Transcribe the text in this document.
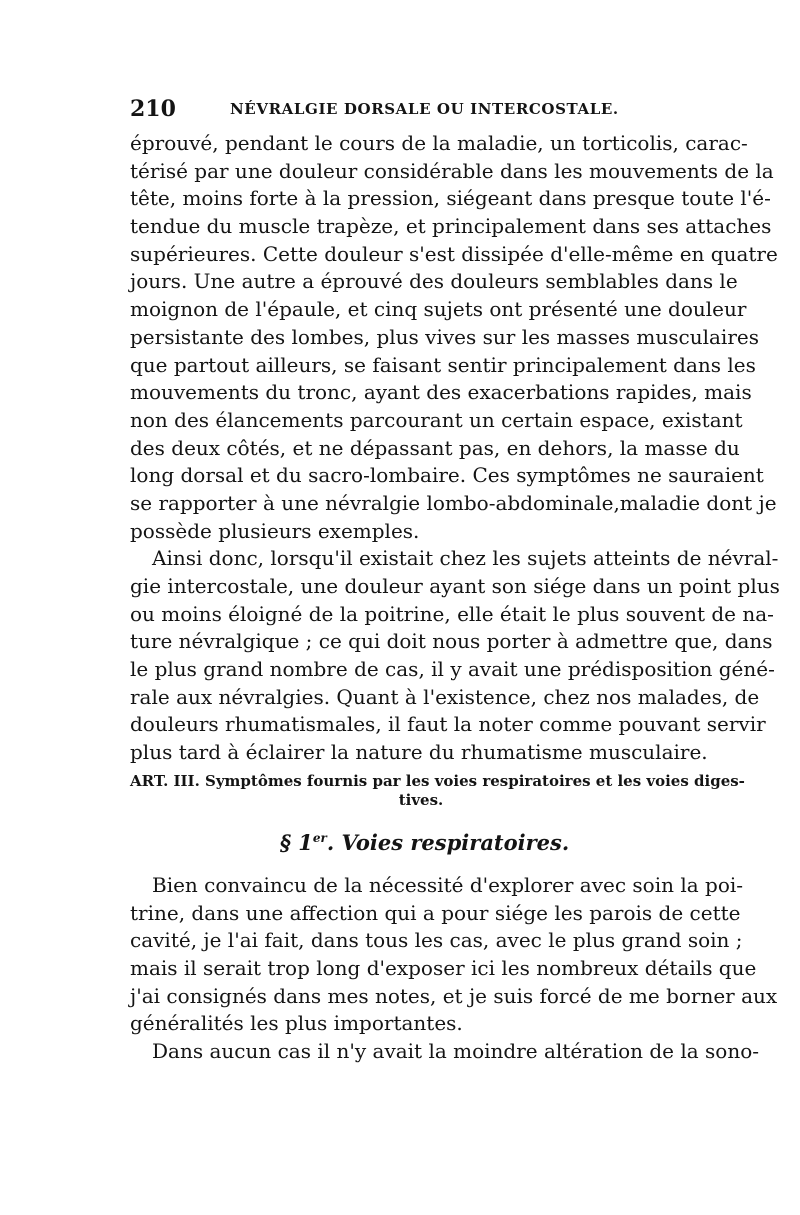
210	NÉVRALGIE DORSALE OU INTERCOSTALE.
éprouvé, pendant le cours de la maladie, un torticolis, carac-
térisé par une douleur considérable dans les mouvements de la
tête, moins forte à la pression, siégeant dans presque toute l'é-
tendue du muscle trapèze, et principalement dans ses attaches
supérieures. Cette douleur s'est dissipée d'elle-même en quatre
jours. Une autre a éprouvé des douleurs semblables dans le
moignon de l'épaule, et cinq sujets ont présenté une douleur
persistante des lombes, plus vives sur les masses musculaires
que partout ailleurs, se faisant sentir principalement dans les
mouvements du tronc, ayant des exacerbations rapides, mais
non des élancements parcourant un certain espace, existant
des deux côtés, et ne dépassant pas, en dehors, la masse du
long dorsal et du sacro-lombaire. Ces symptômes ne sauraient
se rapporter à une névralgie lombo-abdominale,maladie dont je
possède plusieurs exemples.
Ainsi donc, lorsqu'il existait chez les sujets atteints de névral-
gie intercostale, une douleur ayant son siége dans un point plus
ou moins éloigné de la poitrine, elle était le plus souvent de na-
ture névralgique ; ce qui doit nous porter à admettre que, dans
le plus grand nombre de cas, il y avait une prédisposition géné-
rale aux névralgies. Quant à l'existence, chez nos malades, de
douleurs rhumatismales, il faut la noter comme pouvant servir
plus tard à éclairer la nature du rhumatisme musculaire.
ART. III. Symptômes fournis par les voies respiratoires et les voies diges-
tives.
§ 1er. Voies respiratoires.
Bien convaincu de la nécessité d'explorer avec soin la poi-
trine, dans une affection qui a pour siége les parois de cette
cavité, je l'ai fait, dans tous les cas, avec le plus grand soin ;
mais il serait trop long d'exposer ici les nombreux détails que
j'ai consignés dans mes notes, et je suis forcé de me borner aux
généralités les plus importantes.
Dans aucun cas il n'y avait la moindre altération de la sono-
